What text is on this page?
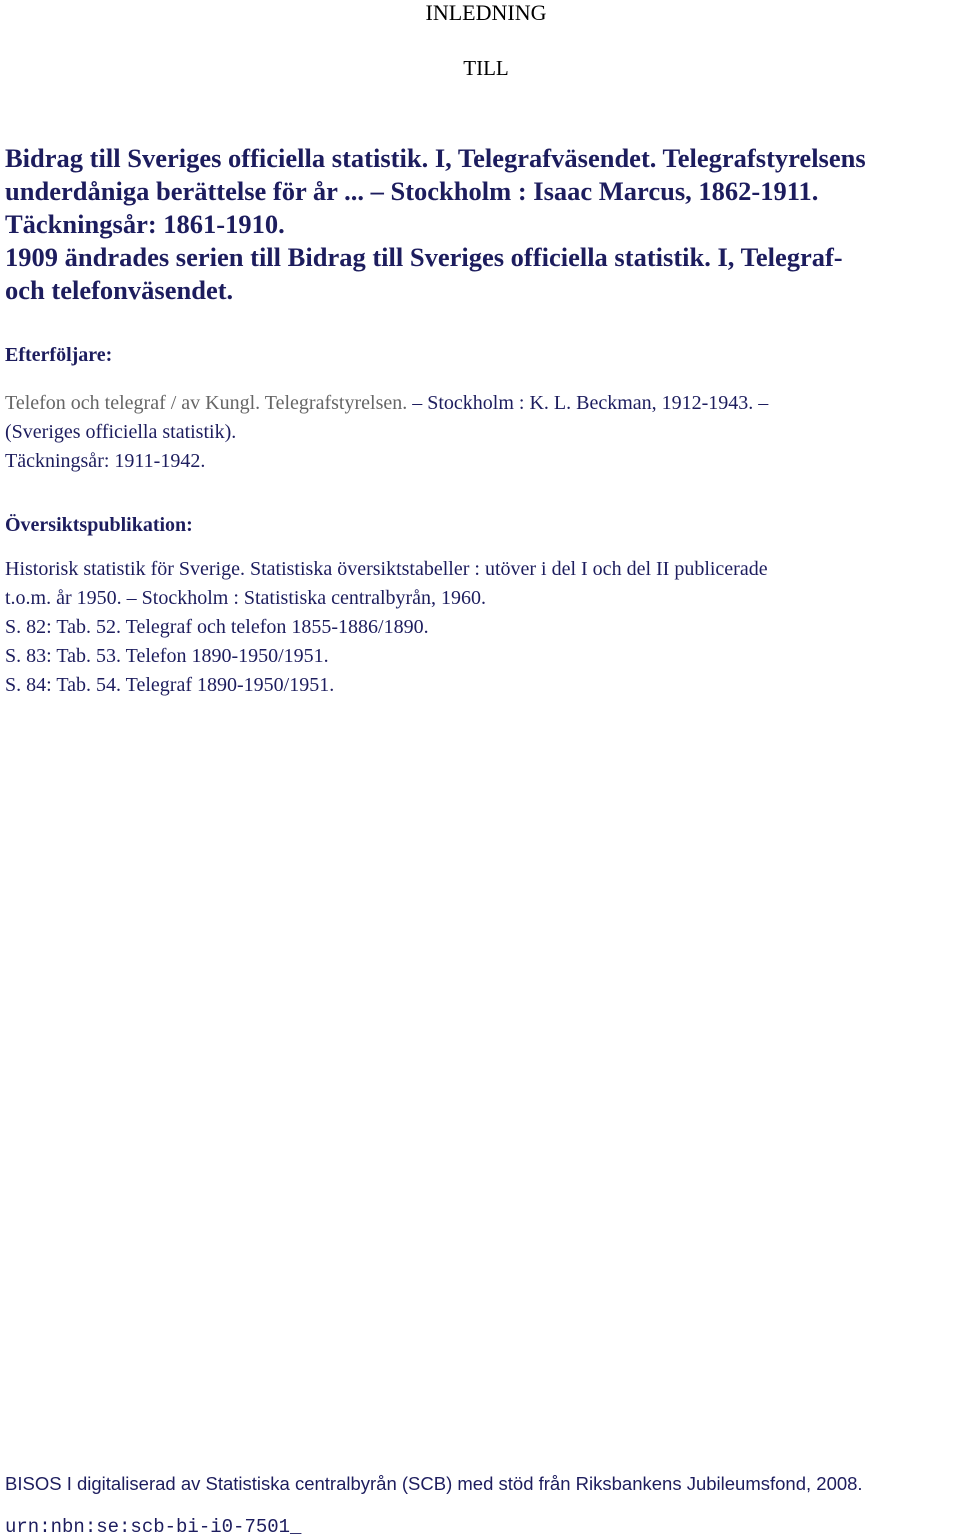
INLEDNING
TILL
Bidrag till Sveriges officiella statistik. I, Telegrafväsendet. Telegrafstyrelsens
underdåniga berättelse för år ... – Stockholm : Isaac Marcus, 1862-1911.
Täckningsår: 1861-1910.
1909 ändrades serien till Bidrag till Sveriges officiella statistik. I, Telegraf-
och telefonväsendet.
Efterföljare:
Telefon och telegraf / av Kungl. Telegrafstyrelsen. – Stockholm : K. L. Beckman, 1912-1943. –
(Sveriges officiella statistik).
Täckningsår: 1911-1942.
Översiktspublikation:
Historisk statistik för Sverige. Statistiska översiktstabeller : utöver i del I och del II publicerade
t.o.m. år 1950. – Stockholm : Statistiska centralbyrån, 1960.
S. 82: Tab. 52. Telegraf och telefon 1855-1886/1890.
S. 83: Tab. 53. Telefon 1890-1950/1951.
S. 84: Tab. 54. Telegraf 1890-1950/1951.
BISOS I digitaliserad av Statistiska centralbyrån (SCB) med stöd från Riksbankens Jubileumsfond, 2008.
urn:nbn:se:scb-bi-i0-7501_
